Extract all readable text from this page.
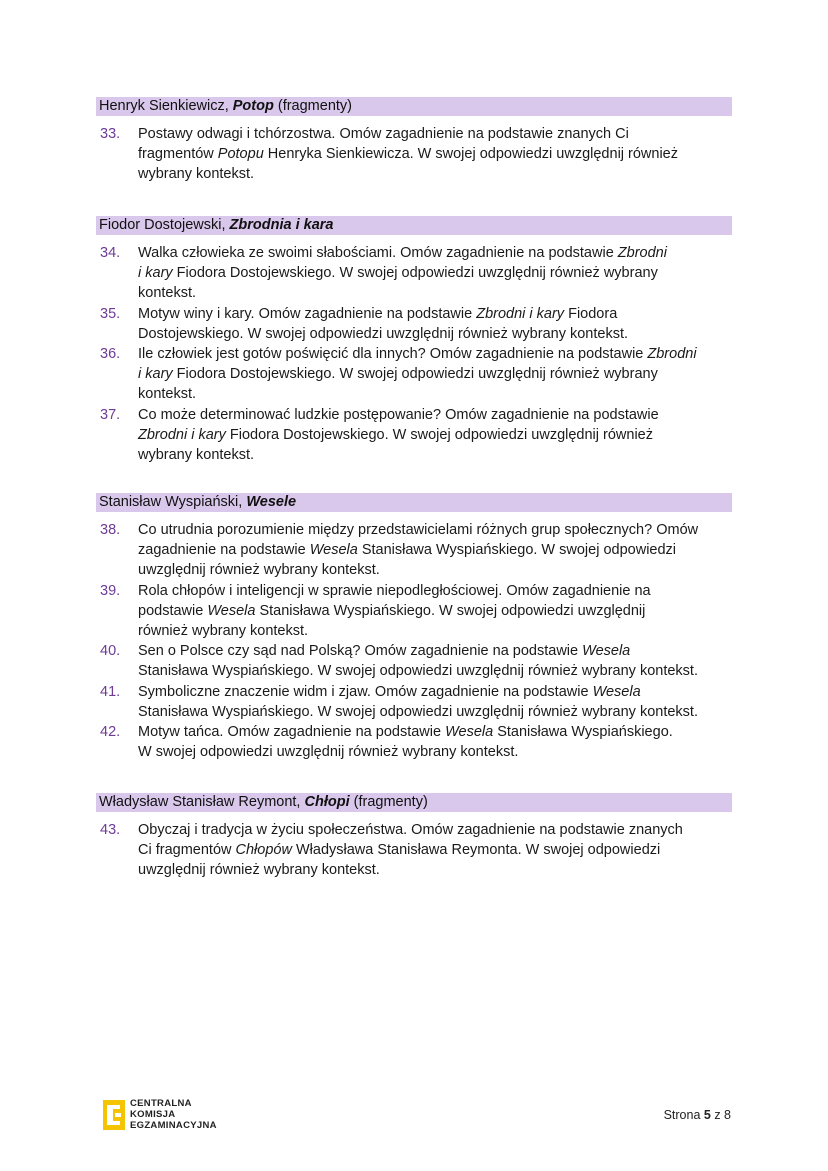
Henryk Sienkiewicz, Potop (fragmenty)
33.	Postawy odwagi i tchórzostwa. Omów zagadnienie na podstawie znanych Ci
fragmentów Potopu Henryka Sienkiewicza. W swojej odpowiedzi uwzględnij również
wybrany kontekst.
Fiodor Dostojewski, Zbrodnia i kara
34.	Walka człowieka ze swoimi słabościami. Omów zagadnienie na podstawie Zbrodni
i kary Fiodora Dostojewskiego. W swojej odpowiedzi uwzględnij również wybrany
kontekst.
35.	Motyw winy i kary. Omów zagadnienie na podstawie Zbrodni i kary Fiodora
Dostojewskiego. W swojej odpowiedzi uwzględnij również wybrany kontekst.
36.	Ile człowiek jest gotów poświęcić dla innych? Omów zagadnienie na podstawie Zbrodni
i kary Fiodora Dostojewskiego. W swojej odpowiedzi uwzględnij również wybrany
kontekst.
37.	Co może determinować ludzkie postępowanie? Omów zagadnienie na podstawie
Zbrodni i kary Fiodora Dostojewskiego. W swojej odpowiedzi uwzględnij również
wybrany kontekst.
Stanisław Wyspiański, Wesele
38.	Co utrudnia porozumienie między przedstawicielami różnych grup społecznych? Omów
zagadnienie na podstawie Wesela Stanisława Wyspiańskiego. W swojej odpowiedzi
uwzględnij również wybrany kontekst.
39.	Rola chłopów i inteligencji w sprawie niepodległościowej. Omów zagadnienie na
podstawie Wesela Stanisława Wyspiańskiego. W swojej odpowiedzi uwzględnij
również wybrany kontekst.
40.	Sen o Polsce czy sąd nad Polską? Omów zagadnienie na podstawie Wesela
Stanisława Wyspiańskiego. W swojej odpowiedzi uwzględnij również wybrany kontekst.
41.	Symboliczne znaczenie widm i zjaw. Omów zagadnienie na podstawie Wesela
Stanisława Wyspiańskiego. W swojej odpowiedzi uwzględnij również wybrany kontekst.
42.	Motyw tańca. Omów zagadnienie na podstawie Wesela Stanisława Wyspiańskiego.
W swojej odpowiedzi uwzględnij również wybrany kontekst.
Władysław Stanisław Reymont, Chłopi (fragmenty)
43.	Obyczaj i tradycja w życiu społeczeństwa. Omów zagadnienie na podstawie znanych
Ci fragmentów Chłopów Władysława Stanisława Reymonta. W swojej odpowiedzi
uwzględnij również wybrany kontekst.
CENTRALNA
KOMISJA
EGZAMINACYJNA
Strona 5 z 8
